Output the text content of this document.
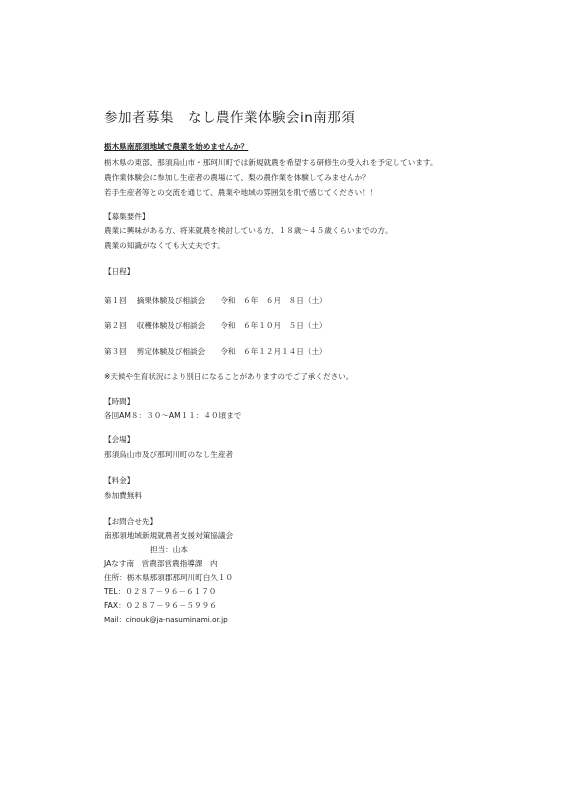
参加者募集　なし農作業体験会in南那須
栃木県南那須地域で農業を始めませんか？
栃木県の東部、那須烏山市・那珂川町では新規就農を希望する研修生の受入れを予定しています。
農作業体験会に参加し生産者の農場にて、梨の農作業を体験してみませんか？
若手生産者等との交流を通じて、農業や地域の雰囲気を肌で感じてください！！
【募集要件】
農業に興味がある方、将来就農を検討している方、１８歳～４５歳くらいまでの方。
農業の知識がなくても大丈夫です。
【日程】
第１回　 摘果体験及び相談会　　令和　６年　６月　８日（土）
第２回　 収穫体験及び相談会　　令和　６年１０月　５日（土）
第３回　 剪定体験及び相談会　　令和　６年１２月１４日（土）
※天候や生育状況により別日になることがありますのでご了承ください。
【時間】
各回AM８：３０～AM１１：４０頃まで
【会場】
那須烏山市及び那珂川町のなし生産者
【料金】
参加費無料
【お問合せ先】
南那須地域新規就農者支援対策協議会
担当：山本
JAなす南　営農部営農指導課　内
住所：栃木県那須郡那珂川町白久１０
TEL：０２８７－９６－６１７０
FAX：０２８７－９６－５９９６
Mail：cinouk@ja-nasuminami.or.jp
